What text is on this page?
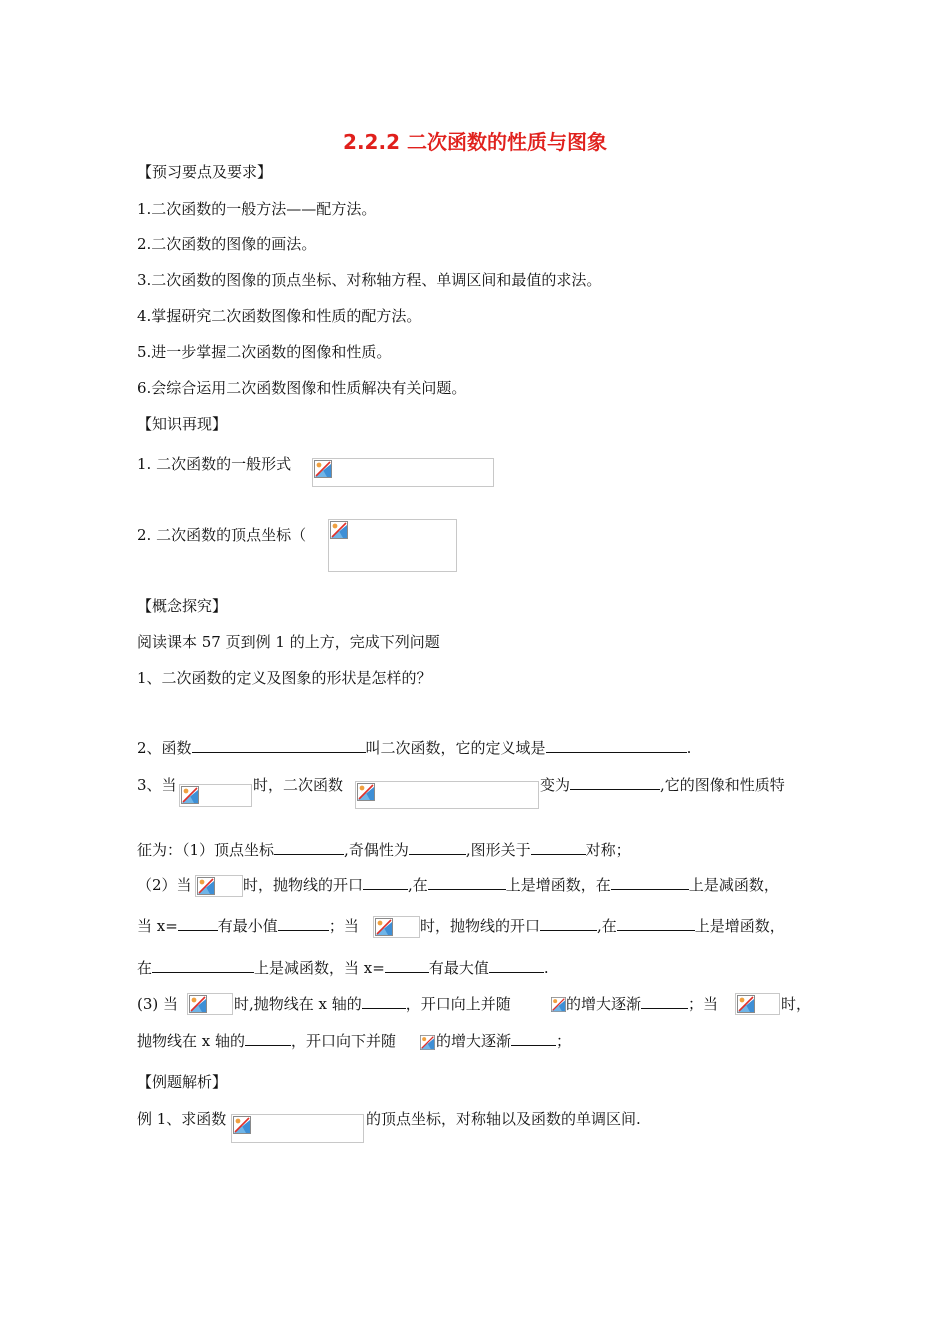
2.2.2 二次函数的性质与图象
【预习要点及要求】
1.二次函数的一般方法——配方法。
2.二次函数的图像的画法。
3.二次函数的图像的顶点坐标、对称轴方程、单调区间和最值的求法。
4.掌握研究二次函数图像和性质的配方法。
5.进一步掌握二次函数的图像和性质。
6.会综合运用二次函数图像和性质解决有关问题。
【知识再现】
1. 二次函数的一般形式
2. 二次函数的顶点坐标（
【概念探究】
阅读课本 57 页到例 1 的上方，完成下列问题
1、二次函数的定义及图象的形状是怎样的？
2、函数	叫二次函数，它的定义域是	.
3、当	时，二次函数	变为	,它的图像和性质特
征为：（1）顶点坐标	,奇偶性为	,图形关于	对称；
（2）当	时，抛物线的开口	,在	上是增函数，在	上是减函数，
当 x=	有最小值	；当	时，抛物线的开口	,在	上是增函数，
在	上是减函数，当 x=	有最大值	.
(3) 当	时,抛物线在 x 轴的	，开口向上并随	的增大逐渐	；当	时，
抛物线在 x 轴的	，开口向下并随	的增大逐渐	；
【例题解析】
例 1、求函数	的顶点坐标，对称轴以及函数的单调区间.
